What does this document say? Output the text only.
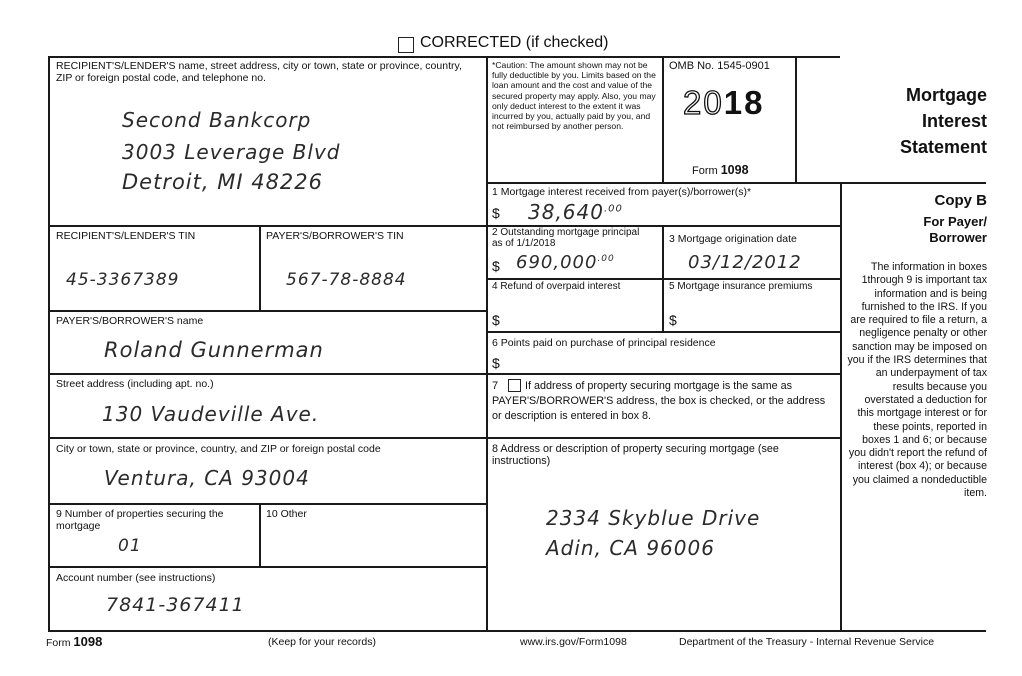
CORRECTED (if checked)
RECIPIENT'S/LENDER'S name, street address, city or town, state or province, country, ZIP or foreign postal code, and telephone no.
Second Bankcorp
3003 Leverage Blvd
Detroit, MI 48226
*Caution: The amount shown may not be fully deductible by you. Limits based on the loan amount and the cost and value of the secured property may apply. Also, you may only deduct interest to the extent it was incurred by you, actually paid by you, and not reimbursed by another person.
OMB No. 1545-0901
2018
Form 1098
Mortgage
Interest
Statement
Copy B
For Payer/
Borrower
The information in boxes 1through 9 is important tax information and is being furnished to the IRS. If you are required to file a return, a negligence penalty or other sanction may be imposed on you if the IRS determines that an underpayment of tax results because you overstated a deduction for this mortgage interest or for these points, reported in boxes 1 and 6; or because you didn't report the refund of interest (box 4); or because you claimed a nondeductible item.
1 Mortgage interest received from payer(s)/borrower(s)*
$ $38,640^{.00}$
RECIPIENT'S/LENDER'S TIN	PAYER'S/BORROWER'S TIN
45-3367389	567-78-8884
2 Outstanding mortgage principal as of 1/1/2018
$ $690,000^{.00}$
3 Mortgage origination date
03/12/2012
4 Refund of overpaid interest
$
5 Mortgage insurance premiums
$
PAYER'S/BORROWER'S name
Roland Gunnerman	6 Points paid on purchase of principal residence
$
Street address (including apt. no.)
130 Vaudeville Ave.
7	If address of property securing mortgage is the same as PAYER'S/BORROWER'S address, the box is checked, or the address or description is entered in box 8.
City or town, state or province, country, and ZIP or foreign postal code
Ventura, CA 93004
8 Address or description of property securing mortgage (see instructions)
2334 Skyblue Drive
Adin, CA 96006
9 Number of properties securing the mortgage
01
10 Other
Account number (see instructions)
7841-367411
Form 1098	(Keep for your records)	www.irs.gov/Form1098	Department of the Treasury - Internal Revenue Service
